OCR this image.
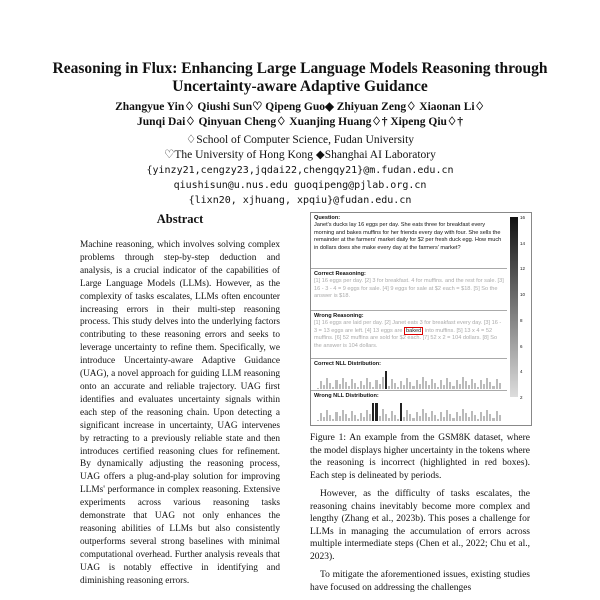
Reasoning in Flux: Enhancing Large Language Models Reasoning through Uncertainty-aware Adaptive Guidance
Zhangyue Yin♢ Qiushi Sun♡ Qipeng Guo◆ Zhiyuan Zeng♢ Xiaonan Li♢
Junqi Dai♢ Qinyuan Cheng♢ Xuanjing Huang♢† Xipeng Qiu♢†
♢School of Computer Science, Fudan University
♡The University of Hong Kong ◆Shanghai AI Laboratory
{yinzy21,cengzy23,jqdai22,chengqy21}@m.fudan.edu.cn
qiushisun@u.nus.edu guoqipeng@pjlab.org.cn
{lixn20, xjhuang, xpqiu}@fudan.edu.cn
Abstract
Machine reasoning, which involves solving complex problems through step-by-step deduction and analysis, is a crucial indicator of the capabilities of Large Language Models (LLMs). However, as the complexity of tasks escalates, LLMs often encounter increasing errors in their multi-step reasoning process. This study delves into the underlying factors contributing to these reasoning errors and seeks to leverage uncertainty to refine them. Specifically, we introduce Uncertainty-aware Adaptive Guidance (UAG), a novel approach for guiding LLM reasoning onto an accurate and reliable trajectory. UAG first identifies and evaluates uncertainty signals within each step of the reasoning chain. Upon detecting a significant increase in uncertainty, UAG intervenes by retracting to a previously reliable state and then introduces certified reasoning clues for refinement. By dynamically adjusting the reasoning process, UAG offers a plug-and-play solution for improving LLMs' performance in complex reasoning. Extensive experiments across various reasoning tasks demonstrate that UAG not only enhances the reasoning abilities of LLMs but also consistently outperforms several strong baselines with minimal computational overhead. Further analysis reveals that UAG is notably effective in identifying and diminishing reasoning errors.
Question:
Janet's ducks lay 16 eggs per day. She eats three for breakfast every morning and bakes muffins for her friends every day with four. She sells the remainder at the farmers' market daily for $2 per fresh duck egg. How much in dollars does she make every day at the farmers' market?
Correct Reasoning:
[1] 16 eggs per day. [2] 3 for breakfast. 4 for muffins. and the rest for sale. [3] 16 - 3 - 4 = 9 eggs for sale. [4] 9 eggs for sale at $2 each = $18. [5] So the answer is $18.
Wrong Reasoning:
[1] 16 eggs are laid per day. [2] Janet eats 3 for breakfast every day. [3] 16 - 3 = 13 eggs are left. [4] 13 eggs are baked into muffins. [5] 13 x 4 = 52 muffins. [6] 52 muffins are sold for $2 each. [7] 52 x 2 = 104 dollars. [8] So the answer is 104 dollars.
Correct NLL Distribution:
Wrong NLL Distribution:
16
14
12
10
8
6
4
2
Figure 1: An example from the GSM8K dataset, where the model displays higher uncertainty in the tokens where the reasoning is incorrect (highlighted in red boxes). Each step is delineated by periods.

However, as the difficulty of tasks escalates, the reasoning chains inevitably become more complex and lengthy (Zhang et al., 2023b). This poses a challenge for LLMs in managing the accumulation of errors across multiple intermediate steps (Chen et al., 2022; Chu et al., 2023).

To mitigate the aforementioned issues, existing studies have focused on addressing the challenges
